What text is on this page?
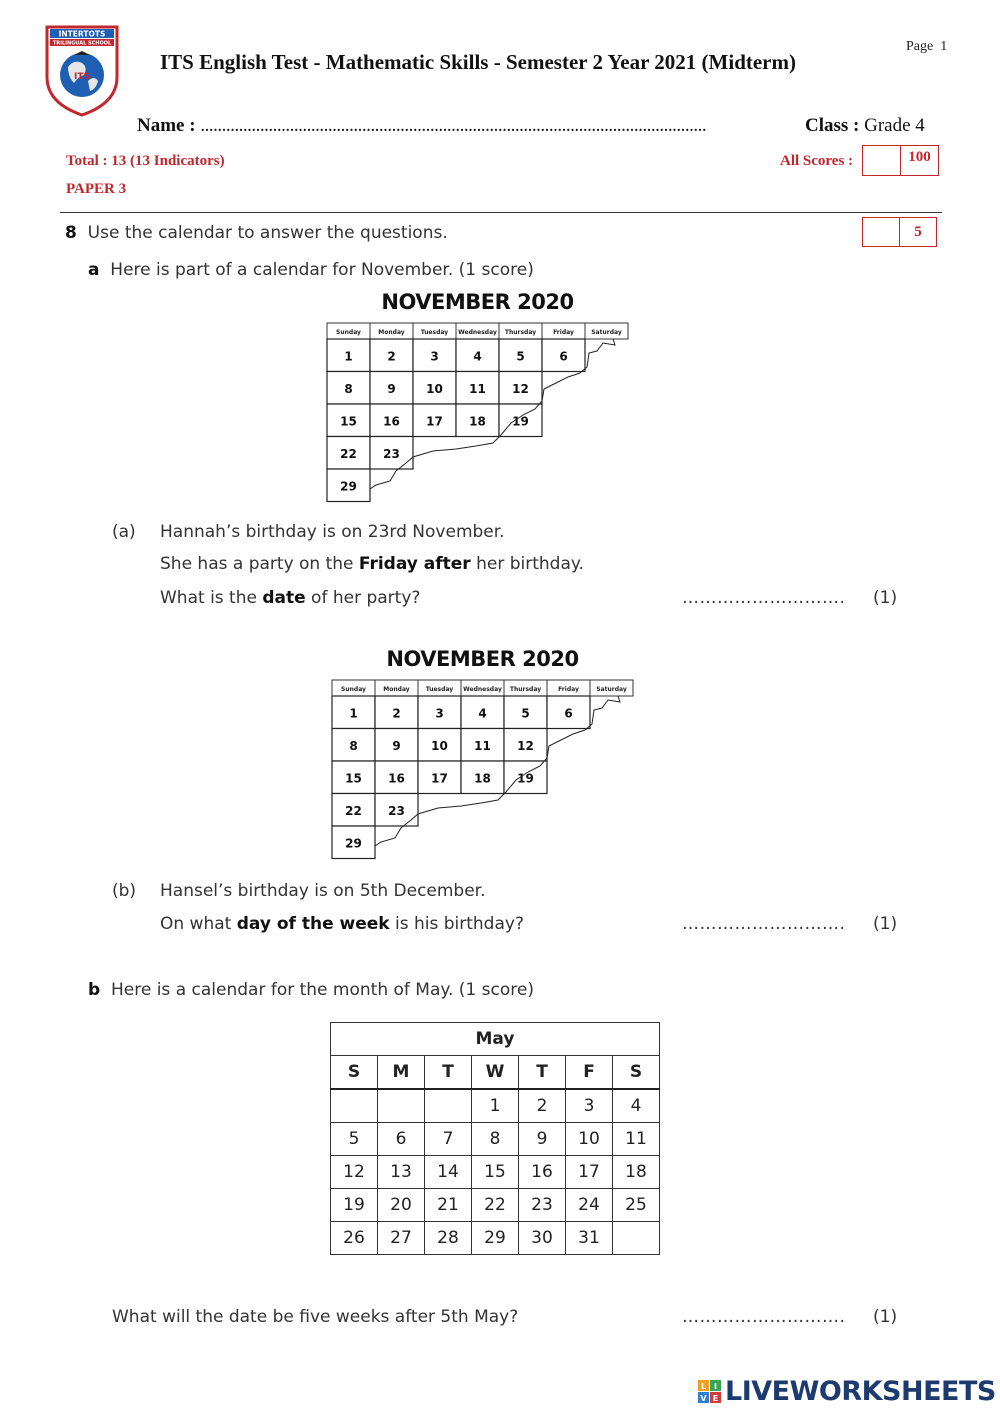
INTERTOTS
TRILINGUAL SCHOOL
ITS
ITS English Test - Mathematic Skills - Semester 2 Year 2021 (Midterm)
Page 1
Name : .......................................................................................................................	Class : Grade 4
Total : 13 (13 Indicators)
PAPER 3
All Scores :	100
8 Use the calendar to answer the questions.	5
a Here is part of a calendar for November. (1 score)
NOVEMBER 2020
Sunday	Monday	Tuesday Wednesday Thursday	Friday	Saturday
1	2	3	4	5	6
8	9	10 11 12
15 16 17 18 19
22 23
29
(a) Hannah’s birthday is on 23rd November.
She has a party on the Friday after her birthday.
What is the date of her party?	………………………. (1)
NOVEMBER 2020
Sunday	Monday	Tuesday Wednesday Thursday	Friday	Saturday
1	2	3	4	5	6
8	9	10 11 12
15 16 17 18 19
22 23
29
(b) Hansel’s birthday is on 5th December.
On what day of the week is his birthday?	………………………. (1)
b Here is a calendar for the month of May. (1 score)
May						
S	M	T	W	T	F	S
			1	2	3	4
5	6	7	8	9	10	11
12	13	14	15	16	17	18
19	20	21	22	23	24	25
26	27	28	29	30	31	
What will the date be five weeks after 5th May?	………………………. (1)
L I
V E LIVEWORKSHEETS
